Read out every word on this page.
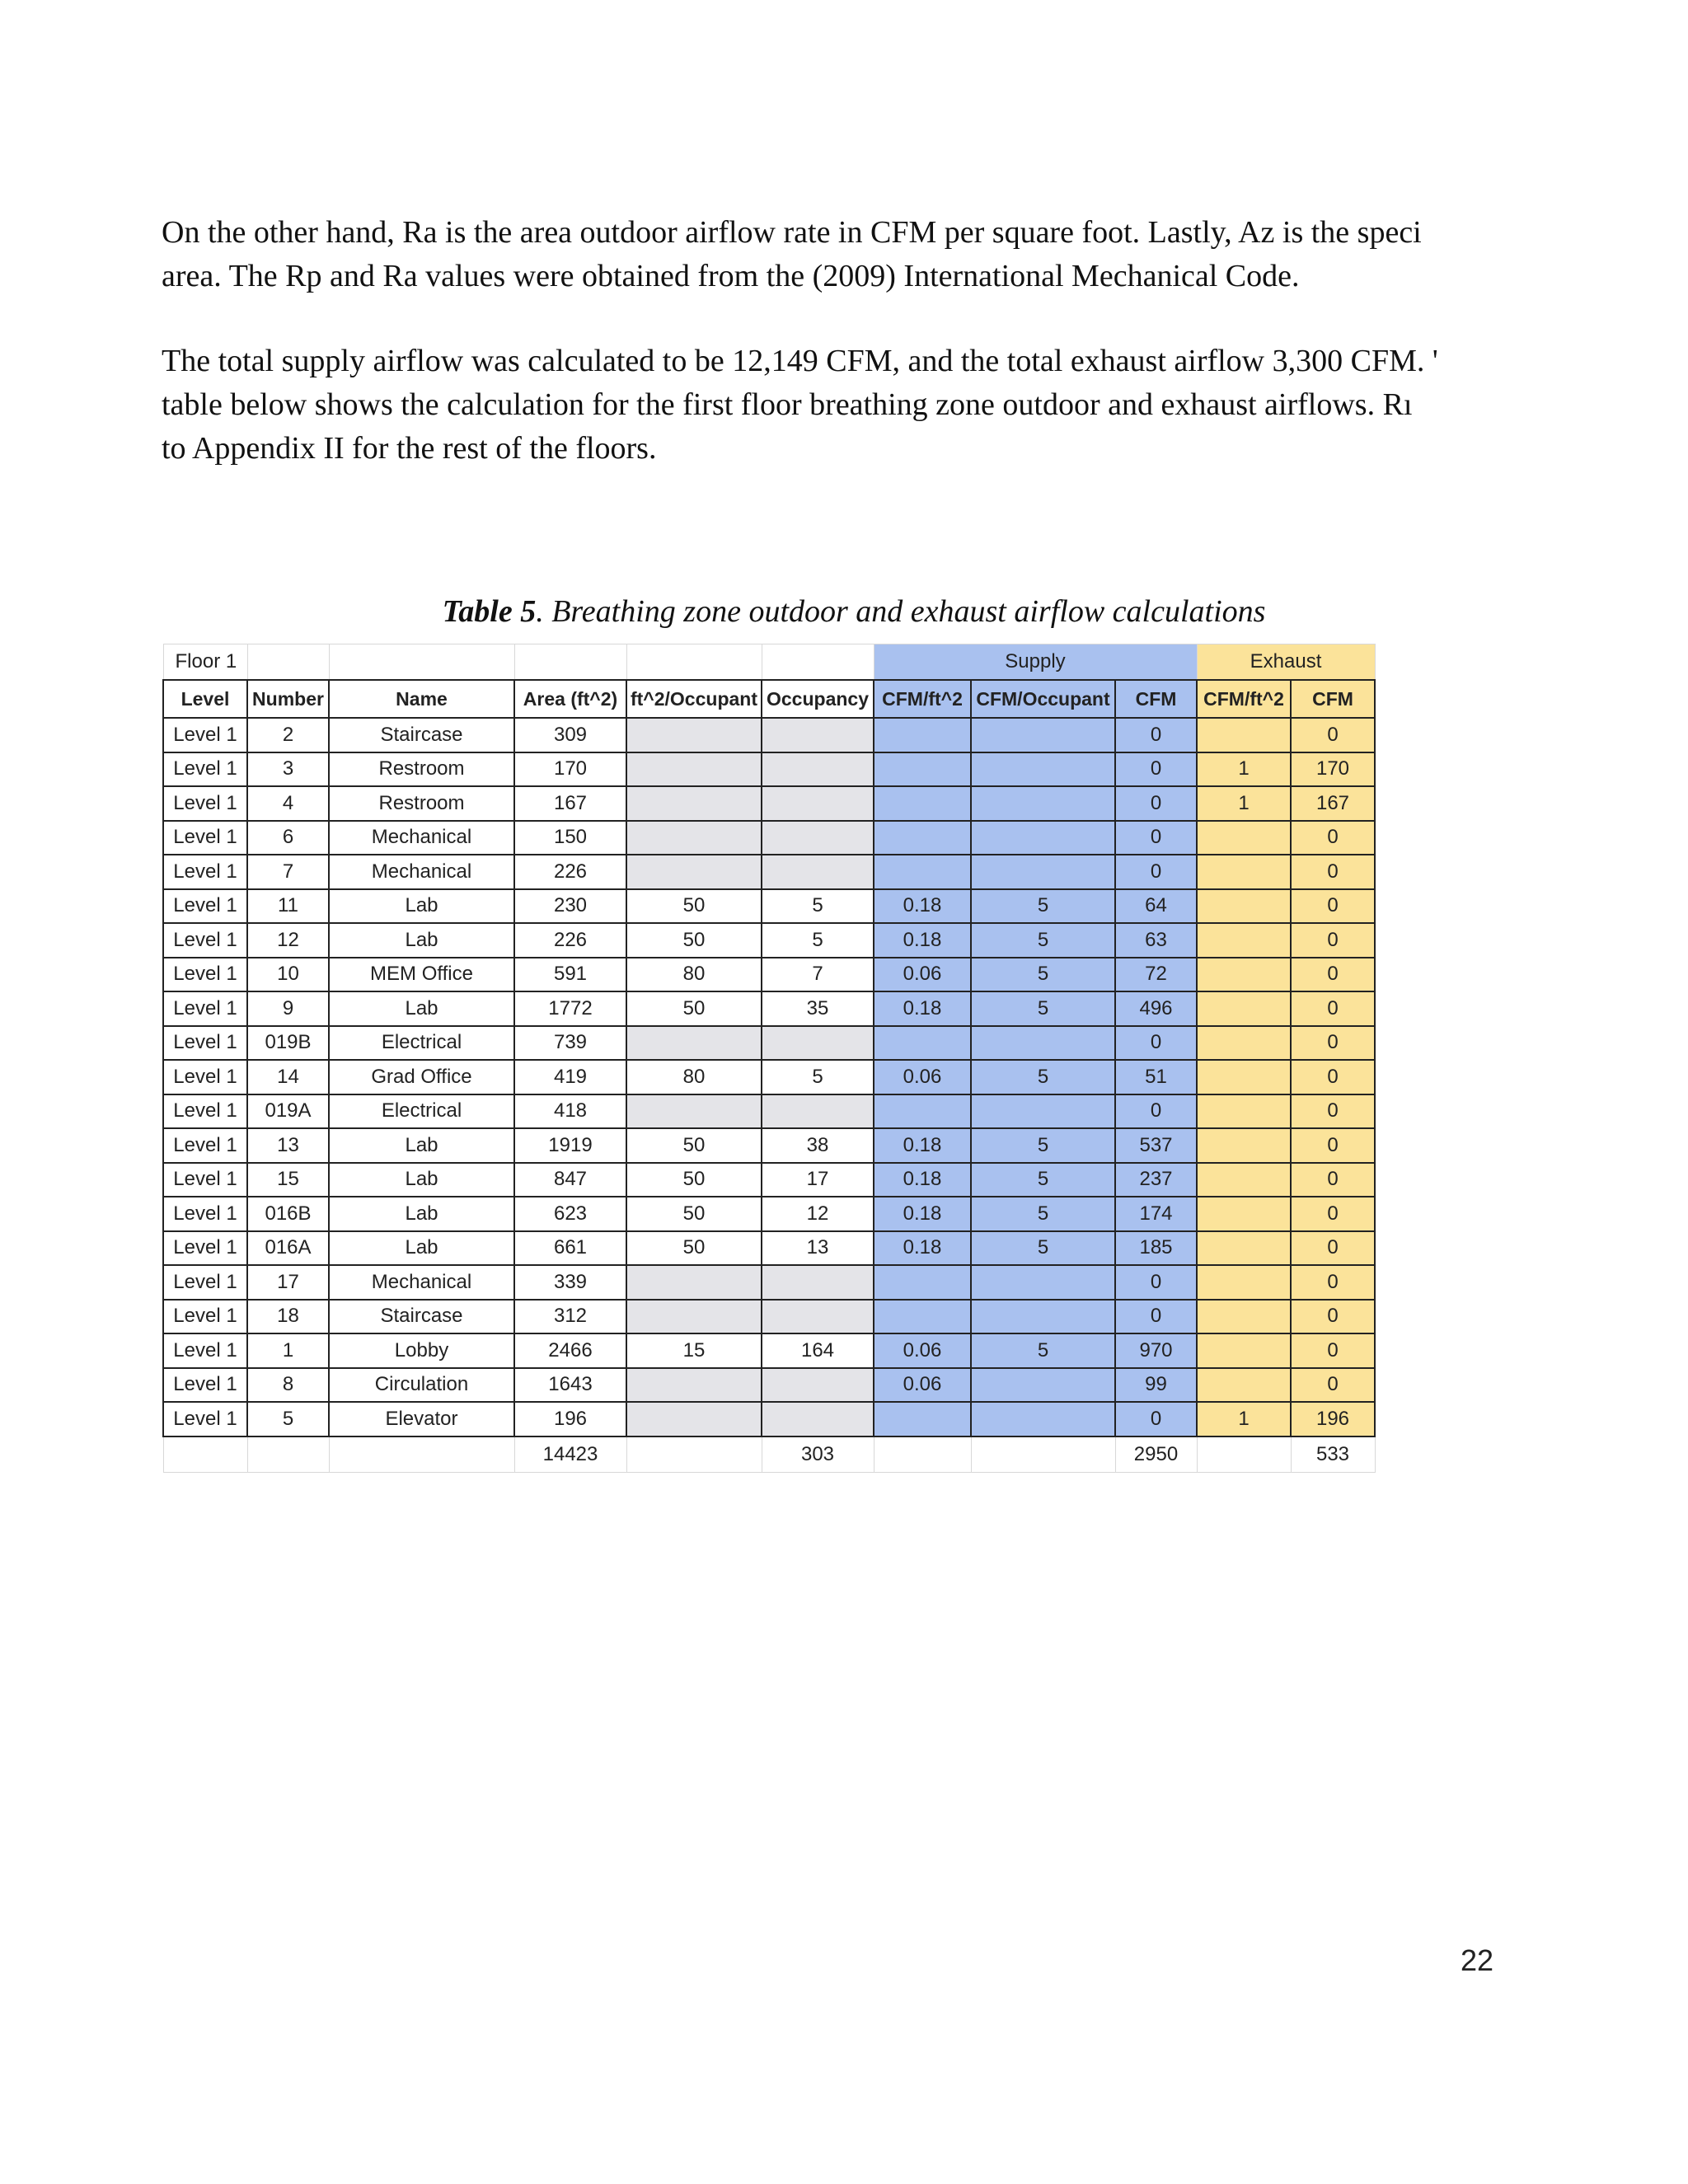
On the other hand, Ra is the area outdoor airflow rate in CFM per square foot. Lastly, Az is the speci
area. The Rp and Ra values were obtained from the (2009) International Mechanical Code.
The total supply airflow was calculated to be 12,149 CFM, and the total exhaust airflow 3,300 CFM. '
table below shows the calculation for the first floor breathing zone outdoor and exhaust airflows. Rı
to Appendix II for the rest of the floors.
Table 5. Breathing zone outdoor and exhaust airflow calculations
Floor 1						Supply			Exhaust	
Level	Number	Name	Area (ft^2)	ft^2/Occupant	Occupancy	CFM/ft^2	CFM/Occupant	CFM	CFM/ft^2	CFM
Level 1	2	Staircase	309					0		0
Level 1	3	Restroom	170					0	1	170
Level 1	4	Restroom	167					0	1	167
Level 1	6	Mechanical	150					0		0
Level 1	7	Mechanical	226					0		0
Level 1	11	Lab	230	50	5	0.18	5	64		0
Level 1	12	Lab	226	50	5	0.18	5	63		0
Level 1	10	MEM Office	591	80	7	0.06	5	72		0
Level 1	9	Lab	1772	50	35	0.18	5	496		0
Level 1	019B	Electrical	739					0		0
Level 1	14	Grad Office	419	80	5	0.06	5	51		0
Level 1	019A	Electrical	418					0		0
Level 1	13	Lab	1919	50	38	0.18	5	537		0
Level 1	15	Lab	847	50	17	0.18	5	237		0
Level 1	016B	Lab	623	50	12	0.18	5	174		0
Level 1	016A	Lab	661	50	13	0.18	5	185		0
Level 1	17	Mechanical	339					0		0
Level 1	18	Staircase	312					0		0
Level 1	1	Lobby	2466	15	164	0.06	5	970		0
Level 1	8	Circulation	1643			0.06		99		0
Level 1	5	Elevator	196					0	1	196
			14423		303			2950		533
22
